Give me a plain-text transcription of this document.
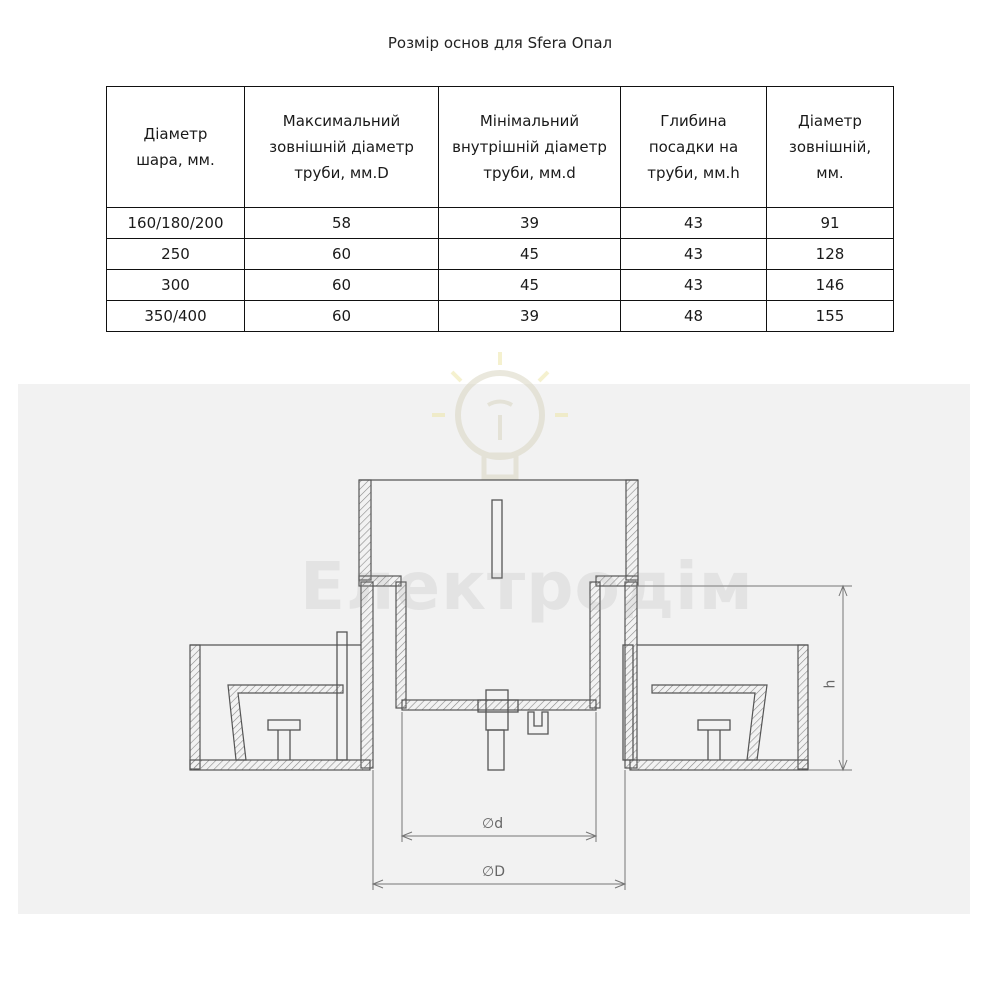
Розмір основ для Sfera Опал
Діаметр шара, мм.	Максимальний зовнішній діаметр труби, мм.D	Мінімальний внутрішній діаметр труби, мм.d	Глибина посадки на труби, мм.h	Діаметр зовнішній, мм.
160/180/200	58	39	43	91
250	60	45	43	128
300	60	45	43	146
350/400	60	39	48	155
Електродім
h
∅d
∅D
